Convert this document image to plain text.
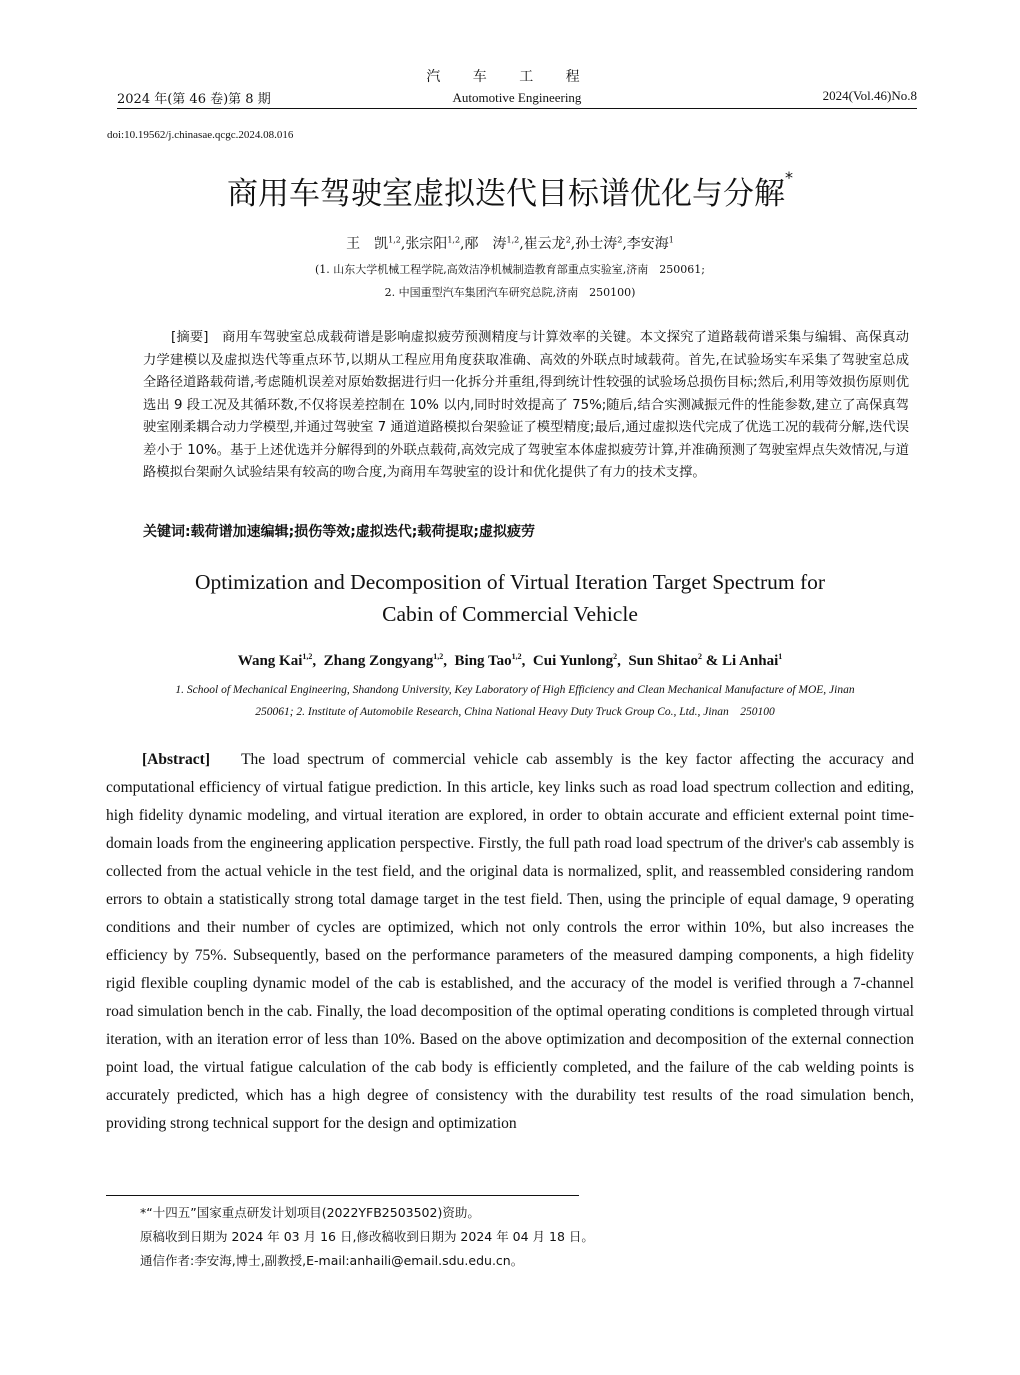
汽 车 工 程
2024 年(第 46 卷)第 8 期	Automotive Engineering	2024(Vol.46)No.8
doi:10.19562/j.chinasae.qcgc.2024.08.016
商用车驾驶室虚拟迭代目标谱优化与分解*
王　凯$^{1,2}$,张宗阳$^{1,2}$,邴　涛$^{1,2}$,崔云龙$^2$,孙士涛$^2$,李安海$^1$
(1. 山东大学机械工程学院,高效洁净机械制造教育部重点实验室,济南　250061;
2. 中国重型汽车集团汽车研究总院,济南　250100)
[摘要]　 商用车驾驶室总成载荷谱是影响虚拟疲劳预测精度与计算效率的关键。本文探究了道路载荷谱采集与编辑、高保真动力学建模以及虚拟迭代等重点环节,以期从工程应用角度获取准确、高效的外联点时域载荷。首先,在试验场实车采集了驾驶室总成全路径道路载荷谱,考虑随机误差对原始数据进行归一化拆分并重组,得到统计性较强的试验场总损伤目标;然后,利用等效损伤原则优选出 9 段工况及其循环数,不仅将误差控制在 10% 以内,同时时效提高了 75%;随后,结合实测减振元件的性能参数,建立了高保真驾驶室刚柔耦合动力学模型,并通过驾驶室 7 通道道路模拟台架验证了模型精度;最后,通过虚拟迭代完成了优选工况的载荷分解,迭代误差小于 10%。基于上述优选并分解得到的外联点载荷,高效完成了驾驶室本体虚拟疲劳计算,并准确预测了驾驶室焊点失效情况,与道路模拟台架耐久试验结果有较高的吻合度,为商用车驾驶室的设计和优化提供了有力的技术支撑。
关键词:载荷谱加速编辑;损伤等效;虚拟迭代;载荷提取;虚拟疲劳
Optimization and Decomposition of Virtual Iteration Target Spectrum for
Cabin of Commercial Vehicle
Wang Kai$^{1,2}$,  Zhang Zongyang$^{1,2}$,  Bing Tao$^{1,2}$,  Cui Yunlong$^2$,  Sun Shitao$^2$ & Li Anhai$^1$
1. School of Mechanical Engineering, Shandong University, Key Laboratory of High Efficiency and Clean Mechanical Manufacture of MOE, Jinan　250061; 2. Institute of Automobile Research, China National Heavy Duty Truck Group Co., Ltd., Jinan　250100
[Abstract] The load spectrum of commercial vehicle cab assembly is the key factor affecting the accuracy and computational efficiency of virtual fatigue prediction. In this article, key links such as road load spectrum collection and editing, high fidelity dynamic modeling, and virtual iteration are explored, in order to obtain accurate and efficient external point time-domain loads from the engineering application perspective. Firstly, the full path road load spectrum of the driver's cab assembly is collected from the actual vehicle in the test field, and the original data is normalized, split, and reassembled considering random errors to obtain a statistically strong total damage target in the test field. Then, using the principle of equal damage, 9 operating conditions and their number of cycles are optimized, which not only controls the error within 10%, but also increases the efficiency by 75%. Subsequently, based on the performance parameters of the measured damping components, a high fidelity rigid flexible coupling dynamic model of the cab is established, and the accuracy of the model is verified through a 7-channel road simulation bench in the cab. Finally, the load decomposition of the optimal operating conditions is completed through virtual iteration, with an iteration error of less than 10%. Based on the above optimization and decomposition of the external connection point load, the virtual fatigue calculation of the cab body is efficiently completed, and the failure of the cab welding points is accurately predicted, which has a high degree of consistency with the durability test results of the road simulation bench, providing strong technical support for the design and optimization
*“十四五”国家重点研发计划项目(2022YFB2503502)资助。
原稿收到日期为 2024 年 03 月 16 日,修改稿收到日期为 2024 年 04 月 18 日。
通信作者:李安海,博士,副教授,E-mail:anhaili@email.sdu.edu.cn。
